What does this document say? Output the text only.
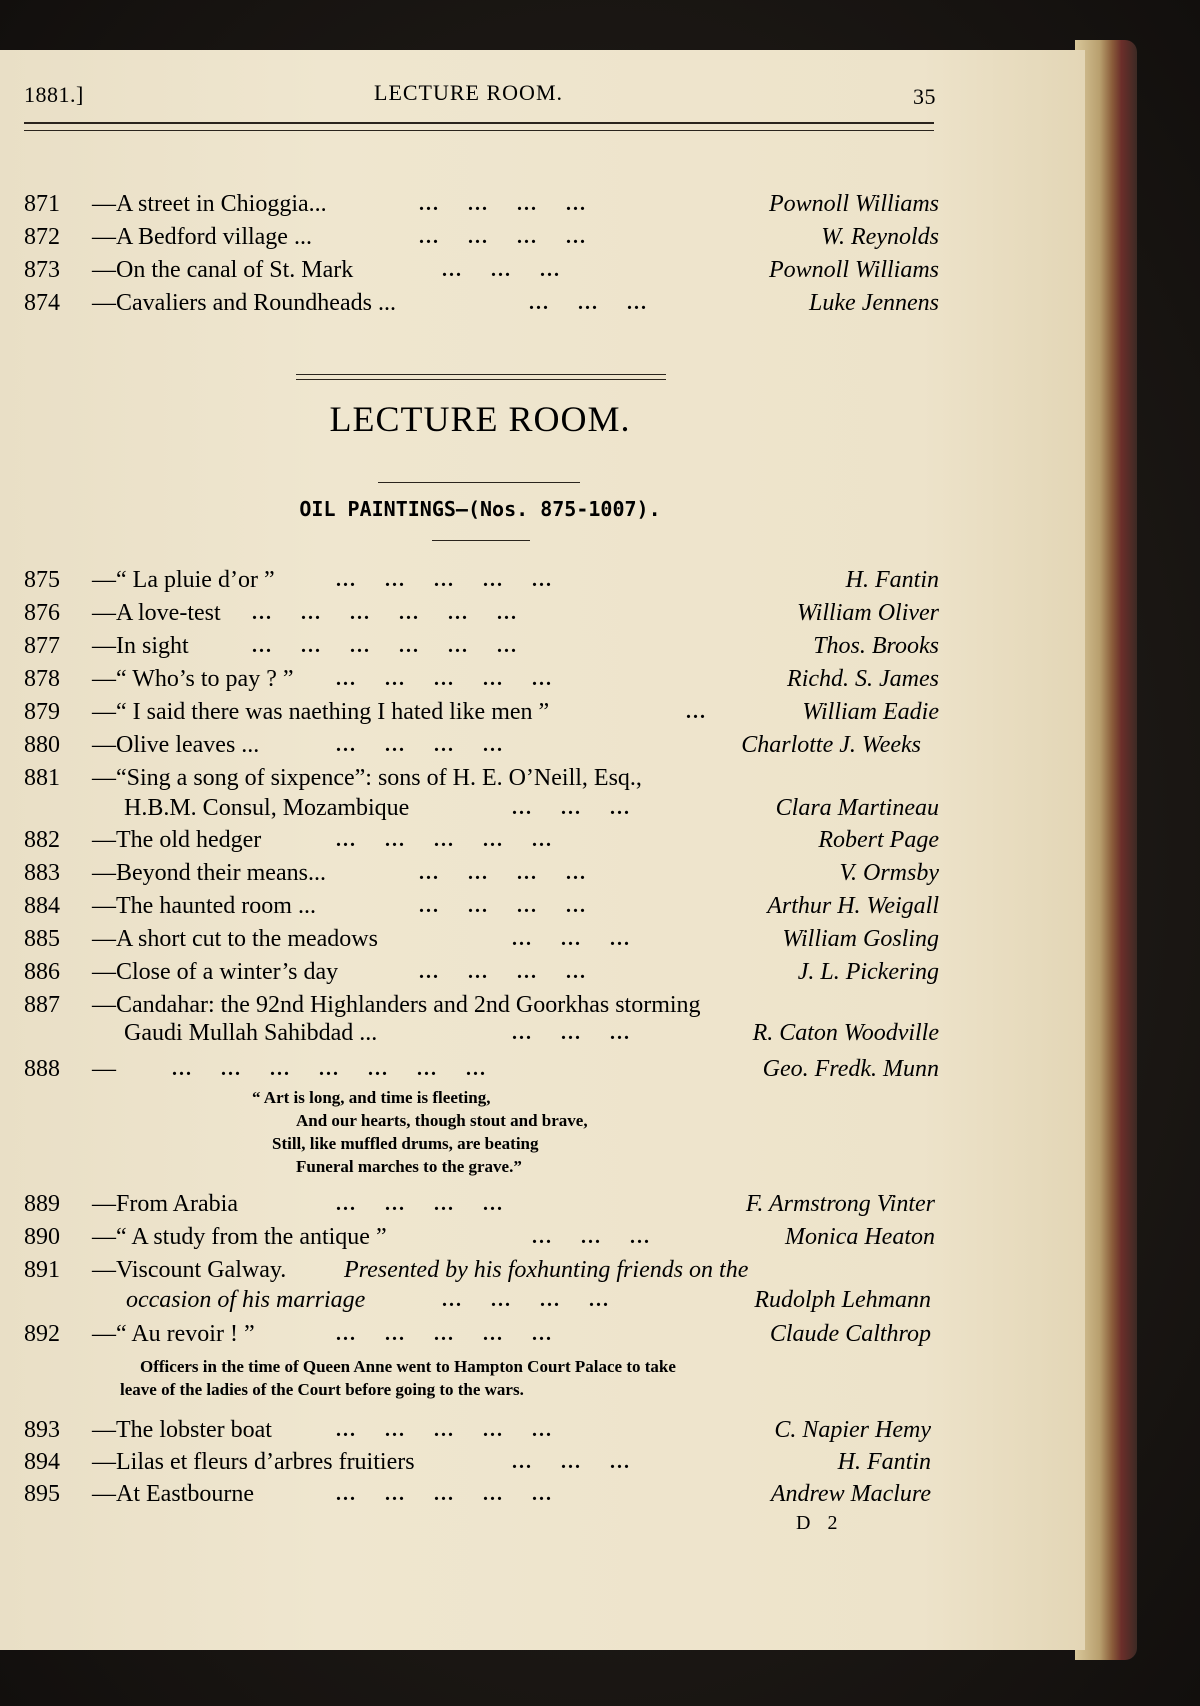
1881.]	LECTURE ROOM.	35
871 —A street in Chioggia...	...    ...    ...    ...	Pownoll Williams
872 —A Bedford village ...	...    ...    ...    ...	W. Reynolds
873 —On the canal of St. Mark	...    ...    ...	Pownoll Williams
874 —Cavaliers and Roundheads ...	...    ...    ...	Luke Jennens
LECTURE ROOM.
OIL PAINTINGS—(Nos. 875-1007).
875 —“ La pluie d’or ”	...    ...    ...    ...    ...	H. Fantin
876 —A love-test ...    ...    ...    ...    ...    ...	William Oliver
877 —In sight	...    ...    ...    ...    ...    ...	Thos. Brooks
878 —“ Who’s to pay ? ” ...    ...    ...    ...    ...	Richd. S. James
879 —“ I said there was naething I hated like men ”	...	William Eadie
880 —Olive leaves ...	...    ...    ...    ...	Charlotte J. Weeks
881 —“Sing a song of sixpence”: sons of H. E. O’Neill, Esq.,
H.B.M. Consul, Mozambique	...    ...    ...	Clara Martineau
882 —The old hedger	...    ...    ...    ...    ...	Robert Page
883 —Beyond their means...	...    ...    ...    ...	V. Ormsby
884 —The haunted room ...	...    ...    ...    ...	Arthur H. Weigall
885 —A short cut to the meadows	...    ...    ...	William Gosling
886 —Close of a winter’s day	...    ...    ...    ...	J. L. Pickering
887 —Candahar: the 92nd Highlanders and 2nd Goorkhas storming
Gaudi Mullah Sahibdad ...	...    ...    ...	R. Caton Woodville
888 —	...    ...    ...    ...    ...    ...    ...	Geo. Fredk. Munn
“ Art is long, and time is fleeting,
And our hearts, though stout and brave,
Still, like muffled drums, are beating
Funeral marches to the grave.”
889 —From Arabia	...    ...    ...    ...	F. Armstrong Vinter
890 —“ A study from the antique ”	...    ...    ...	Monica Heaton
891 —Viscount Galway. Presented by his foxhunting friends on the
occasion of his marriage	...    ...    ...    ...	Rudolph Lehmann
892 —“ Au revoir ! ”	...    ...    ...    ...    ...	Claude Calthrop
Officers in the time of Queen Anne went to Hampton Court Palace to take
leave of the ladies of the Court before going to the wars.
893 —The lobster boat	...    ...    ...    ...    ...	C. Napier Hemy
894 —Lilas et fleurs d’arbres fruitiers	...    ...    ...	H. Fantin
895 —At Eastbourne	...    ...    ...    ...    ...	Andrew Maclure
D 2
